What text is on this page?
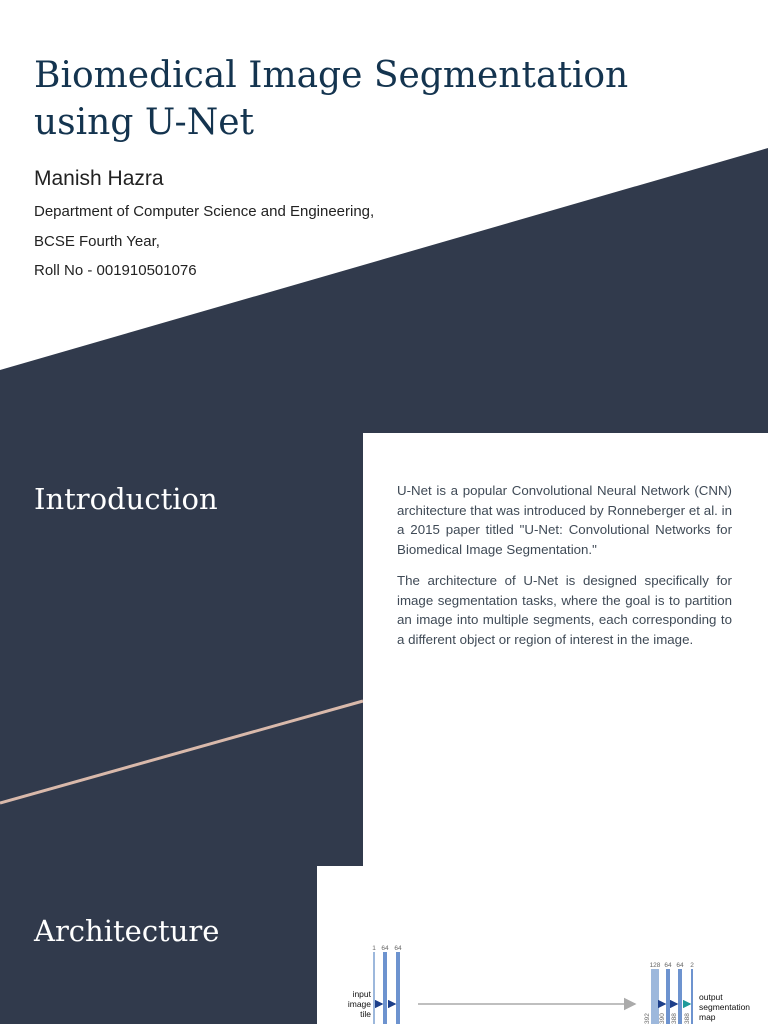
Biomedical Image Segmentation
using U-Net

Manish Hazra

Department of Computer Science and Engineering,
BCSE Fourth Year,
Roll No - 001910501076
Introduction	U-Net is a popular Convolutional Neural Network (CNN) architecture that was introduced by Ronneberger et al. in a 2015 paper titled "U-Net: Convolutional Networks for Biomedical Image Segmentation."

The architecture of U-Net is designed specifically for image segmentation tasks, where the goal is to partition an image into multiple segments, each corresponding to a different object or region of interest in the image.

Architecture
1 64 64
input
image
tile
128 64 64 2
392 390 388 388
output
segmentation
map
